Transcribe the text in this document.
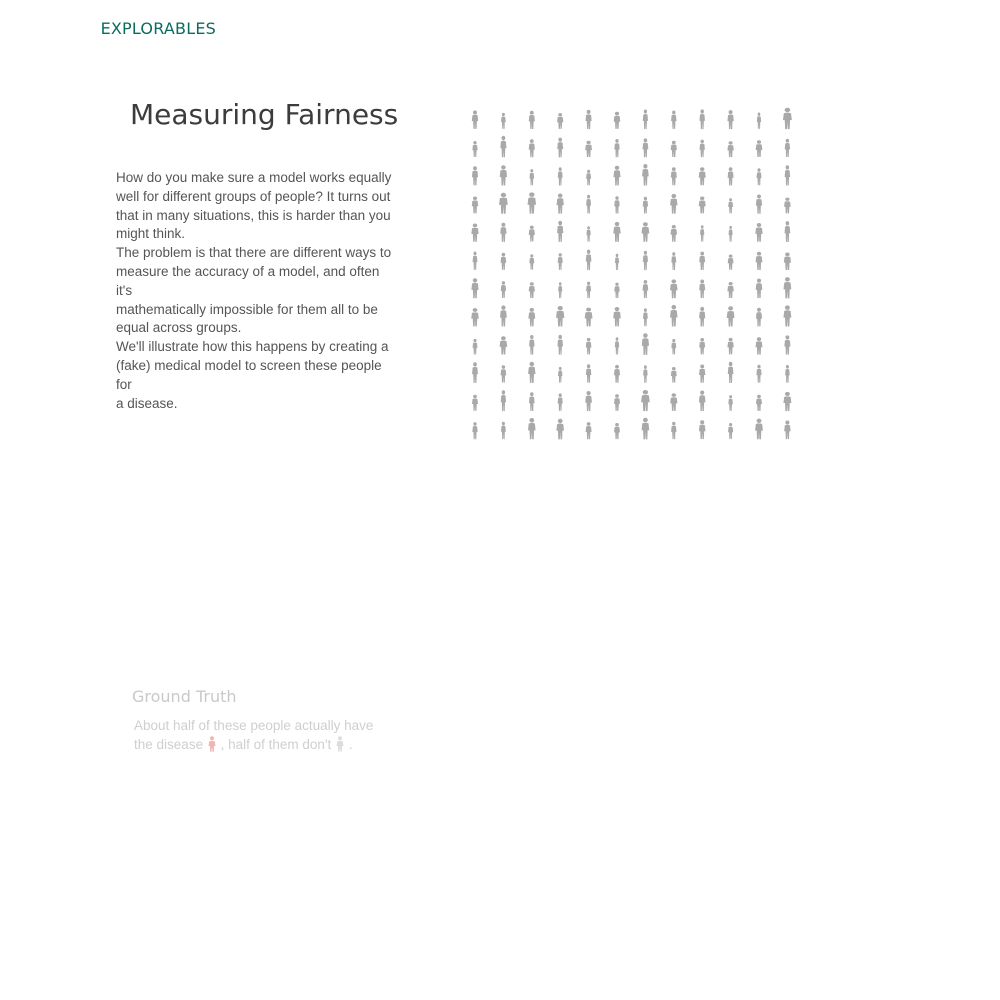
EXPLORABLES
Measuring Fairness

How do you make sure a model works equally

well for different groups of people? It turns out

that in many situations, this is harder than you

might think.

The problem is that there are different ways to

measure the accuracy of a model, and often it's

mathematically impossible for them all to be

equal across groups.

We'll illustrate how this happens by creating a

(fake) medical model to screen these people for

a disease.

Ground Truth

About half of these people actually have the disease , half of them don't .
